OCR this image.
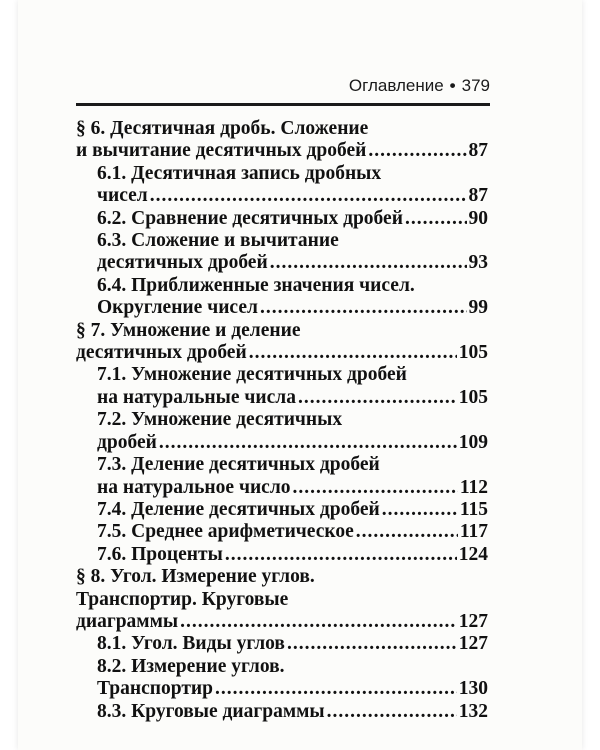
Оглавление • 379
§ 6. Десятичная дробь. Сложение
и вычитание десятичных дробей .....	87
6.1. Десятичная запись дробных
чисел .....	87
6.2. Сравнение десятичных дробей .....	90
6.3. Сложение и вычитание
десятичных дробей .....	93
6.4. Приближенные значения чисел.
Округление чисел .....	99
§ 7. Умножение и деление
десятичных дробей .....	105
7.1. Умножение десятичных дробей
на натуральные числа .....	105
7.2. Умножение десятичных
дробей .....	109
7.3. Деление десятичных дробей
на натуральное число .....	112
7.4. Деление десятичных дробей .....	115
7.5. Среднее арифметическое .....	117
7.6. Проценты .....	124
§ 8. Угол. Измерение углов.
Транспортир. Круговые
диаграммы .....	127
8.1. Угол. Виды углов .....	127
8.2. Измерение углов.
Транспортир .....	130
8.3. Круговые диаграммы .....	132
